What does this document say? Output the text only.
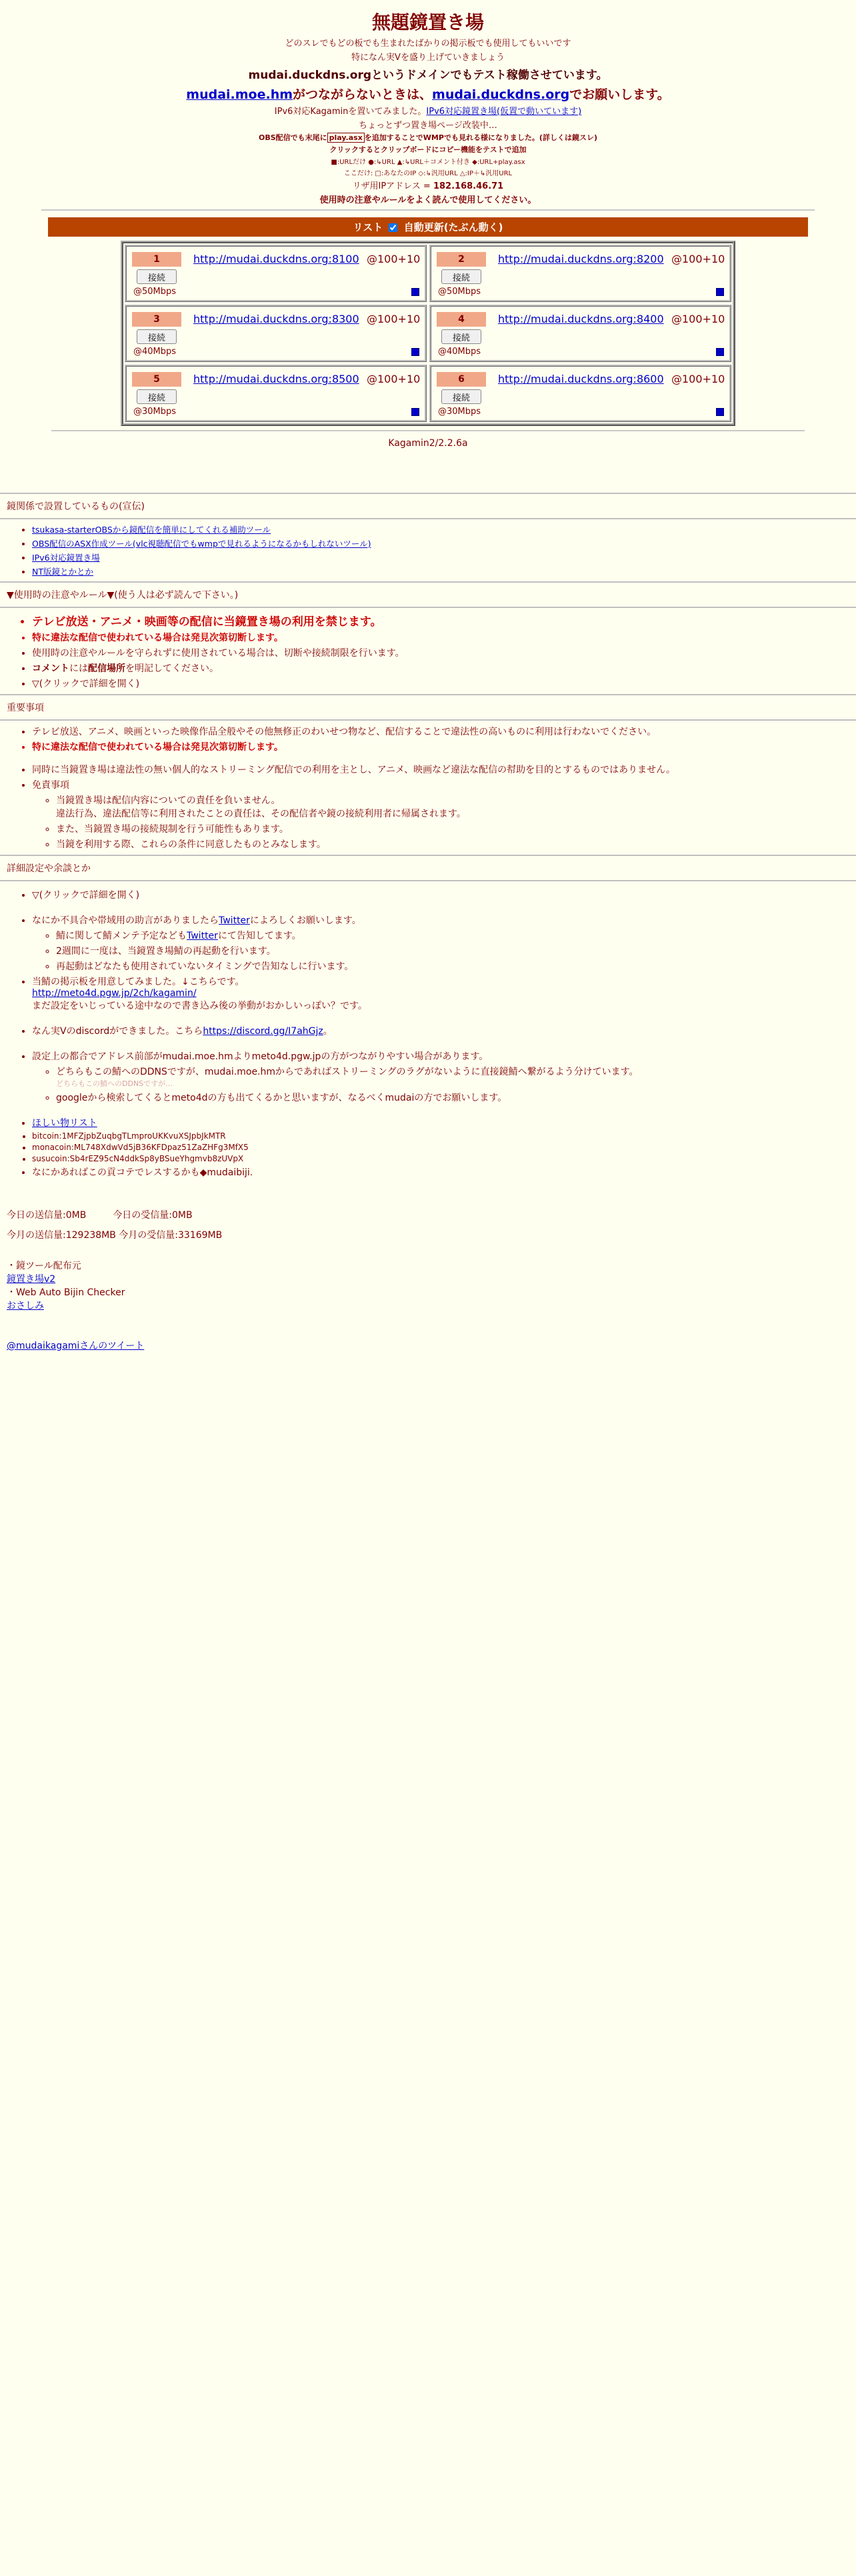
無題鏡置き場
どのスレでもどの板でも生まれたばかりの掲示板でも使用してもいいです
特になん実Vを盛り上げていきましょう
mudai.duckdns.orgというドメインでもテスト稼働させています。
mudai.moe.hmがつながらないときは、mudai.duckdns.orgでお願いします。
IPv6対応Kagaminを置いてみました。IPv6対応鏡置き場(仮置で動いています)
ちょっとずつ置き場ページ改装中…
OBS配信でも末尾に play.asx を追加することでWMPでも見れる様になりました。(詳しくは鏡スレ)
クリックするとクリップボードにコピー機能をテストで追加
■:URLだけ ●:↳URL ▲:↳URL＋コメント付き ◆:URL+play.asx
ここだけ: □:あなたのIP ◇:↳汎用URL △:IP＋↳汎用URL
リザ用IPアドレス = 182.168.46.71
使用時の注意やルールをよく読んで使用してください。
リスト 自動更新(たぶん動く)
1	http://mudai.duckdns.org:8100 @100+10
接続
@50Mbps
2	http://mudai.duckdns.org:8200 @100+10
接続
@50Mbps
3	http://mudai.duckdns.org:8300 @100+10
接続
@40Mbps
4	http://mudai.duckdns.org:8400 @100+10
接続
@40Mbps
5	http://mudai.duckdns.org:8500 @100+10
接続
@30Mbps
6	http://mudai.duckdns.org:8600 @100+10
接続
@30Mbps
Kagamin2/2.2.6a
鏡関係で設置しているもの(宣伝)
• tsukasa-starterOBSから鏡配信を簡単にしてくれる補助ツール
• OBS配信のASX作成ツール(vlc視聴配信でもwmpで見れるようになるかもしれないツール)
• IPv6対応鏡置き場
• NT版鏡とかとか
▼使用時の注意やルール▼(使う人は必ず読んで下さい。)
• テレビ放送・アニメ・映画等の配信に当鏡置き場の利用を禁じます。
• 特に違法な配信で使われている場合は発見次第切断します。
• 使用時の注意やルールを守られずに使用されている場合は、切断や接続制限を行います。
• コメントには配信場所を明記してください。
• ▽(クリックで詳細を開く)
重要事項
• テレビ放送、アニメ、映画といった映像作品全般やその他無修正のわいせつ物など、配信することで違法性の高いものに利用は行わないでください。
• 特に違法な配信で使われている場合は発見次第切断します。
• 同時に当鏡置き場は違法性の無い個人的なストリーミング配信での利用を主とし、アニメ、映画など違法な配信の幇助を目的とするものではありません。
• 免責事項
◦ 当鏡置き場は配信内容についての責任を負いません。
違法行為、違法配信等に利用されたことの責任は、その配信者や鏡の接続利用者に帰属されます。
◦ また、当鏡置き場の接続規制を行う可能性もあります。
◦ 当鏡を利用する際、これらの条件に同意したものとみなします。
詳細設定や余談とか
• ▽(クリックで詳細を開く)
• なにか不具合や帯域用の助言がありましたらTwitterによろしくお願いします。
◦ 鯖に関して鯖メンテ予定などもTwitterにて告知してます。
◦ 2週間に一度は、当鏡置き場鯖の再起動を行います。
◦ 再起動はどなたも使用されていないタイミングで告知なしに行います。
• 当鯖の掲示板を用意してみました。↓こちらです。
http://meto4d.pgw.jp/2ch/kagamin/
まだ設定をいじっている途中なので書き込み後の挙動がおかしいっぽい？です。
• なん実Vのdiscordができました。こちらhttps://discord.gg/I7ahGjz。
• 設定上の都合でアドレス前部がmudai.moe.hmよりmeto4d.pgw.jpの方がつながりやすい場合があります。
◦ どちらもこの鯖へのDDNSですが、mudai.moe.hmからであればストリーミングのラグがないように直接鏡鯖へ繋がるよう分けています。
どちらもこの鯖へのDDNSですが…
◦ googleから検索してくるとmeto4dの方も出てくるかと思いますが、なるべくmudaiの方でお願いします。
• ほしい物リスト
• bitcoin:1MFZjpbZuqbgTLmproUKKvuXSJpbJkMTR
• monacoin:ML748XdwVd5jB36KFDpaz51ZaZHFg3MfX5
• susucoin:Sb4rEZ95cN4ddkSp8yBSueYhgmvb8zUVpX
• なにかあればこの貢コテでレスするかも◆mudaibiji.
今日の送信量:0MB	今日の受信量:0MB
今月の送信量:129238MB 今月の受信量:33169MB
・鏡ツール配布元
鏡置き場v2
・Web Auto Bijin Checker
おさしみ
@mudaikagamiさんのツイート
